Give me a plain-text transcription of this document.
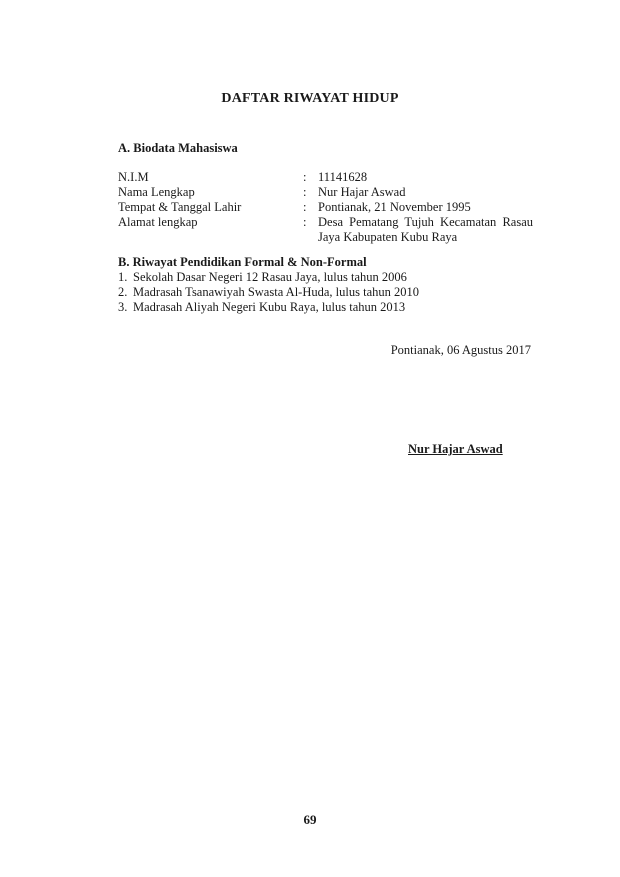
DAFTAR RIWAYAT HIDUP
A. Biodata Mahasiswa
N.I.M	: 11141628
Nama Lengkap	: Nur Hajar Aswad
Tempat & Tanggal Lahir	: Pontianak, 21 November 1995
Alamat lengkap	: Desa Pematang Tujuh Kecamatan Rasau Jaya Kabupaten Kubu Raya
B. Riwayat Pendidikan Formal & Non-Formal
1. Sekolah Dasar Negeri 12 Rasau Jaya, lulus tahun 2006
2. Madrasah Tsanawiyah Swasta Al-Huda, lulus tahun 2010
3. Madrasah Aliyah Negeri Kubu Raya, lulus tahun 2013
Pontianak, 06 Agustus 2017
Nur Hajar Aswad
69
